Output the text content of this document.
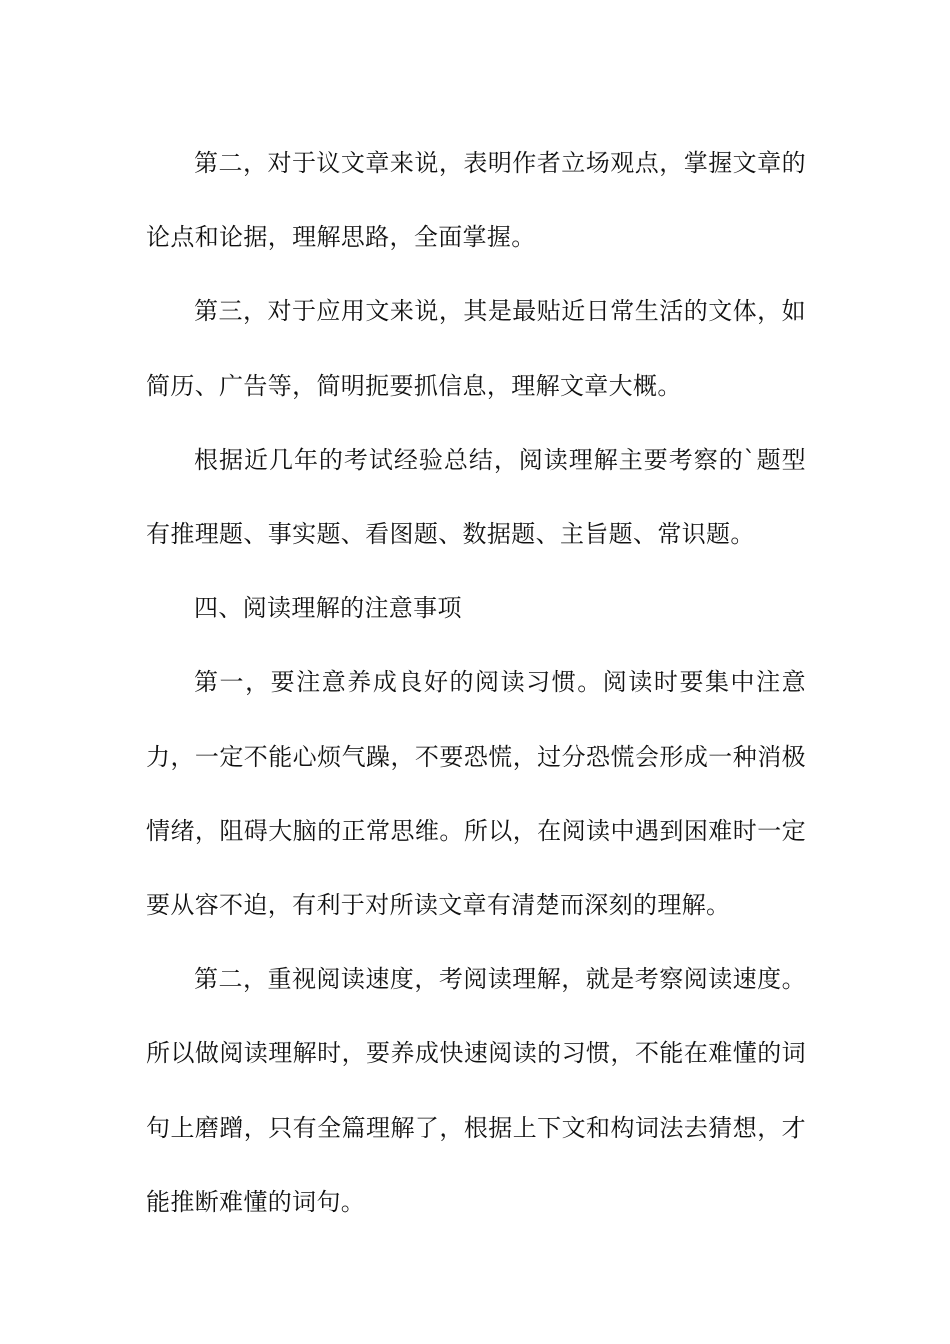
第二，对于议文章来说，表明作者立场观点，掌握文章的论点和论据，理解思路，全面掌握。

第三，对于应用文来说，其是最贴近日常生活的文体，如简历、广告等，简明扼要抓信息，理解文章大概。

根据近几年的考试经验总结，阅读理解主要考察的`题型有推理题、事实题、看图题、数据题、主旨题、常识题。

四、阅读理解的注意事项

第一，要注意养成良好的阅读习惯。阅读时要集中注意力，一定不能心烦气躁，不要恐慌，过分恐慌会形成一种消极情绪，阻碍大脑的正常思维。所以，在阅读中遇到困难时一定要从容不迫，有利于对所读文章有清楚而深刻的理解。

第二，重视阅读速度，考阅读理解，就是考察阅读速度。所以做阅读理解时，要养成快速阅读的习惯，不能在难懂的词句上磨蹭，只有全篇理解了，根据上下文和构词法去猜想，才能推断难懂的词句。
